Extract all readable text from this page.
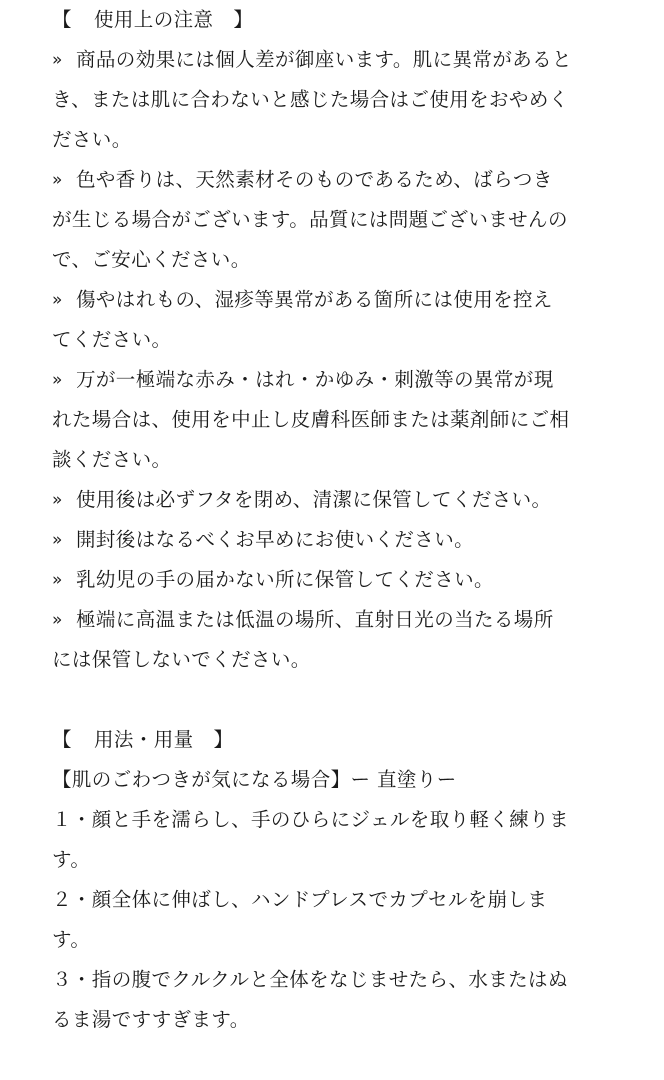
【 使用上の注意 】
» 商品の効果には個人差が御座います。肌に異常があると
き、または肌に合わないと感じた場合はご使用をおやめく
ださい。
» 色や香りは、天然素材そのものであるため、ばらつき
が生じる場合がございます。品質には問題ございませんの
で、ご安心ください。
» 傷やはれもの、湿疹等異常がある箇所には使用を控え
てください。
» 万が一極端な赤み・はれ・かゆみ・刺激等の異常が現
れた場合は、使用を中止し皮膚科医師または薬剤師にご相
談ください。
» 使用後は必ずフタを閉め、清潔に保管してください。
» 開封後はなるべくお早めにお使いください。
» 乳幼児の手の届かない所に保管してください。
» 極端に高温または低温の場所、直射日光の当たる場所
には保管しないでください。
【 用法・用量 】
【肌のごわつきが気になる場合】ー 直塗りー
１・顔と手を濡らし、手のひらにジェルを取り軽く練りま
す。
２・顔全体に伸ばし、ハンドプレスでカプセルを崩しま
す。
３・指の腹でクルクルと全体をなじませたら、水またはぬ
るま湯ですすぎます。
